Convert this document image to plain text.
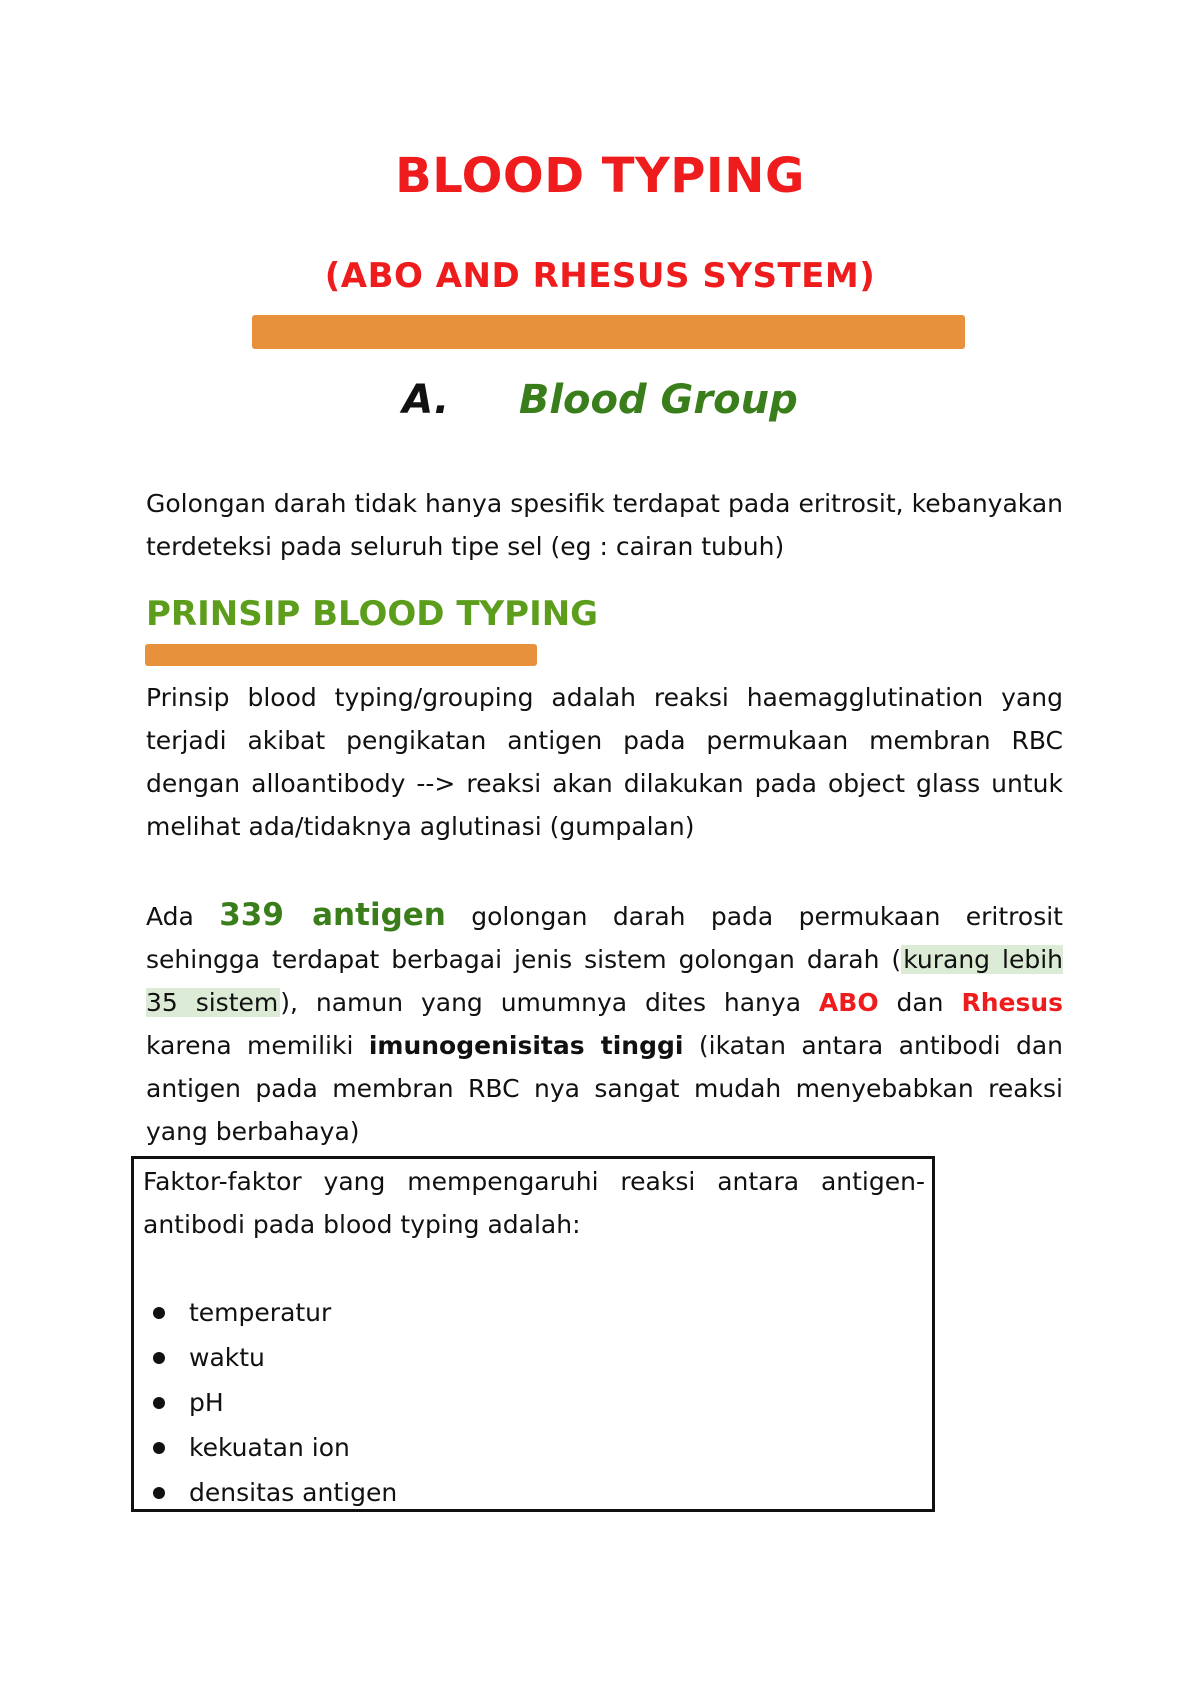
BLOOD TYPING
(ABO AND RHESUS SYSTEM)
A. Blood Group
Golongan darah tidak hanya spesifik terdapat pada eritrosit, kebanyakan terdeteksi pada seluruh tipe sel (eg : cairan tubuh)
PRINSIP BLOOD TYPING
Prinsip blood typing/grouping adalah reaksi haemagglutination yang terjadi akibat pengikatan antigen pada permukaan membran RBC dengan alloantibody --> reaksi akan dilakukan pada object glass untuk melihat ada/tidaknya aglutinasi (gumpalan)
Ada 339 antigen golongan darah pada permukaan eritrosit sehingga terdapat berbagai jenis sistem golongan darah (kurang lebih 35 sistem), namun yang umumnya dites hanya ABO dan Rhesus karena memiliki imunogenisitas tinggi (ikatan antara antibodi dan antigen pada membran RBC nya sangat mudah menyebabkan reaksi yang berbahaya)
Faktor-faktor yang mempengaruhi reaksi antara antigen-antibodi pada blood typing adalah:
temperatur
waktu
pH
kekuatan ion
densitas antigen
